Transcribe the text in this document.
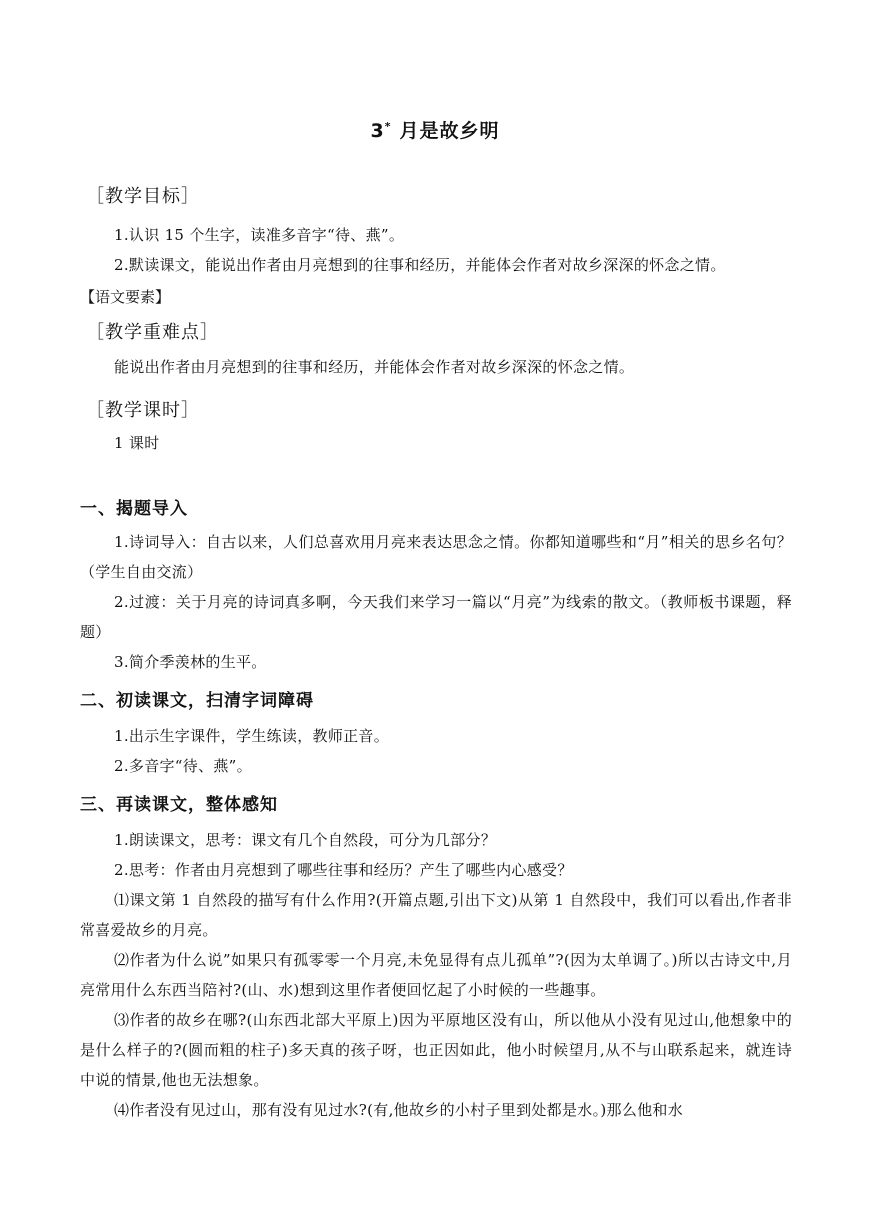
3* 月是故乡明
［教学目标］
1.认识 15 个生字，读准多音字“待、燕”。
2.默读课文，能说出作者由月亮想到的往事和经历，并能体会作者对故乡深深的怀念之情。
【语文要素】
［教学重难点］
能说出作者由月亮想到的往事和经历，并能体会作者对故乡深深的怀念之情。
［教学课时］
1 课时
一、揭题导入
1.诗词导入：自古以来，人们总喜欢用月亮来表达思念之情。你都知道哪些和“月”相关的思乡名句？（学生自由交流）
2.过渡：关于月亮的诗词真多啊，今天我们来学习一篇以“月亮”为线索的散文。（教师板书课题，释题）
3.简介季羡林的生平。
二、初读课文，扫清字词障碍
1.出示生字课件，学生练读，教师正音。
2.多音字“待、燕”。
三、再读课文，整体感知
1.朗读课文，思考：课文有几个自然段，可分为几部分？
2.思考：作者由月亮想到了哪些往事和经历？产生了哪些内心感受？
⑴课文第 1 自然段的描写有什么作用?(开篇点题,引出下文)从第 1 自然段中，我们可以看出,作者非常喜爱故乡的月亮。
⑵作者为什么说”如果只有孤零零一个月亮,未免显得有点儿孤单”?(因为太单调了。)所以古诗文中,月亮常用什么东西当陪衬?(山、水)想到这里作者便回忆起了小时候的一些趣事。
⑶作者的故乡在哪?(山东西北部大平原上)因为平原地区没有山，所以他从小没有见过山,他想象中的是什么样子的?(圆而粗的柱子)多天真的孩子呀，也正因如此，他小时候望月,从不与山联系起来，就连诗中说的情景,他也无法想象。
⑷作者没有见过山，那有没有见过水?(有,他故乡的小村子里到处都是水。)那么他和水
